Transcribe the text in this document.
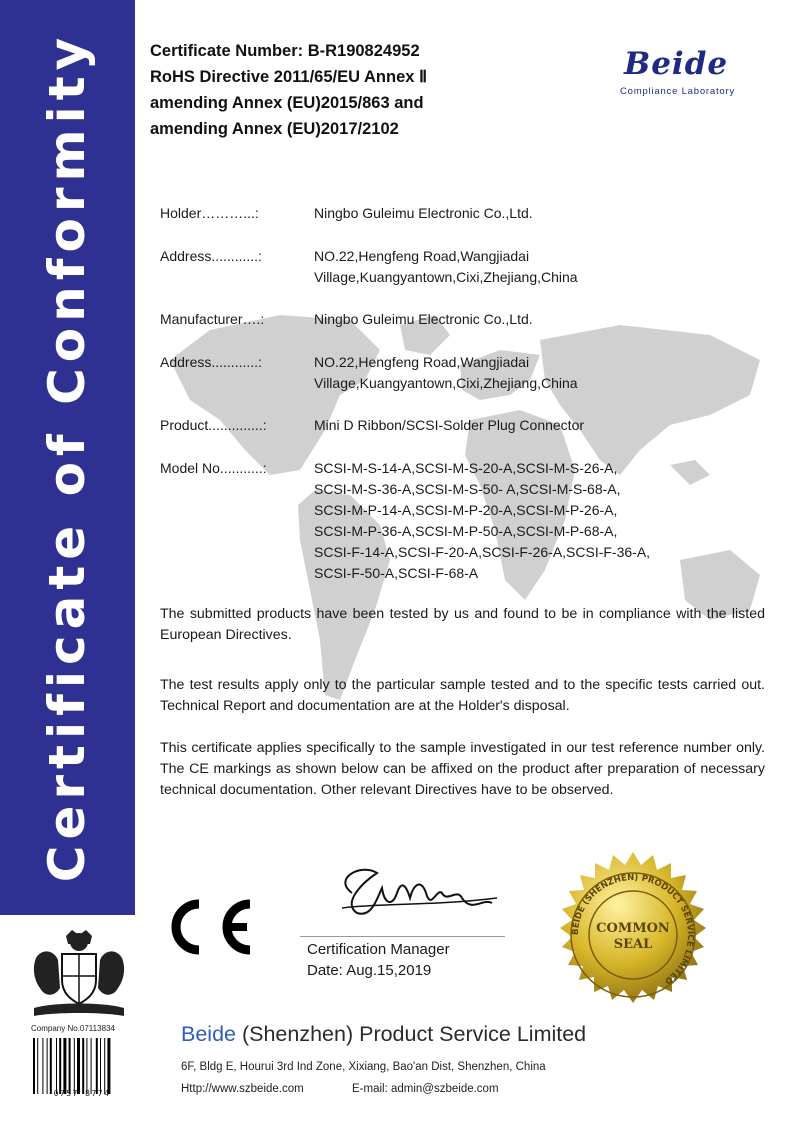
Certificate of Conformity	Certificate Number: B-R190824952
RoHS Directive 2011/65/EU Annex Ⅱ
amending Annex (EU)2015/863 and
amending Annex (EU)2017/2102
Beide
Compliance Laboratory
Holder………...:	Ningbo Guleimu Electronic Co.,Ltd.
Address............:	NO.22,Hengfeng Road,Wangjiadai
Village,Kuangyantown,Cixi,Zhejiang,China
Manufacturer….:	Ningbo Guleimu Electronic Co.,Ltd.
Address............:	NO.22,Hengfeng Road,Wangjiadai
Village,Kuangyantown,Cixi,Zhejiang,China
Product..............:	Mini D Ribbon/SCSI-Solder Plug Connector
Model No...........:	SCSI-M-S-14-A,SCSI-M-S-20-A,SCSI-M-S-26-A,
SCSI-M-S-36-A,SCSI-M-S-50- A,SCSI-M-S-68-A,
SCSI-M-P-14-A,SCSI-M-P-20-A,SCSI-M-P-26-A,
SCSI-M-P-36-A,SCSI-M-P-50-A,SCSI-M-P-68-A,
SCSI-F-14-A,SCSI-F-20-A,SCSI-F-26-A,SCSI-F-36-A,
SCSI-F-50-A,SCSI-F-68-A
The submitted products have been tested by us and found to be in compliance with the listed European Directives.
The test results apply only to the particular sample tested and to the specific tests carried out. Technical Report and documentation are at the Holder's disposal.
This certificate applies specifically to the sample investigated in our test reference number only. The CE markings as shown below can be affixed on the product after preparation of necessary technical documentation. Other relevant Directives have to be observed.
Certification Manager
Date: Aug.15,2019
BEIDE (SHENZHEN) PRODUCT SERVICE LIMITED
COMMON
SEAL
Company No.07113834
0757 8774
Beide (Shenzhen) Product Service Limited
6F, Bldg E, Hourui 3rd Ind Zone, Xixiang, Bao'an Dist, Shenzhen, China
Http://www.szbeide.com	E-mail: admin@szbeide.com
